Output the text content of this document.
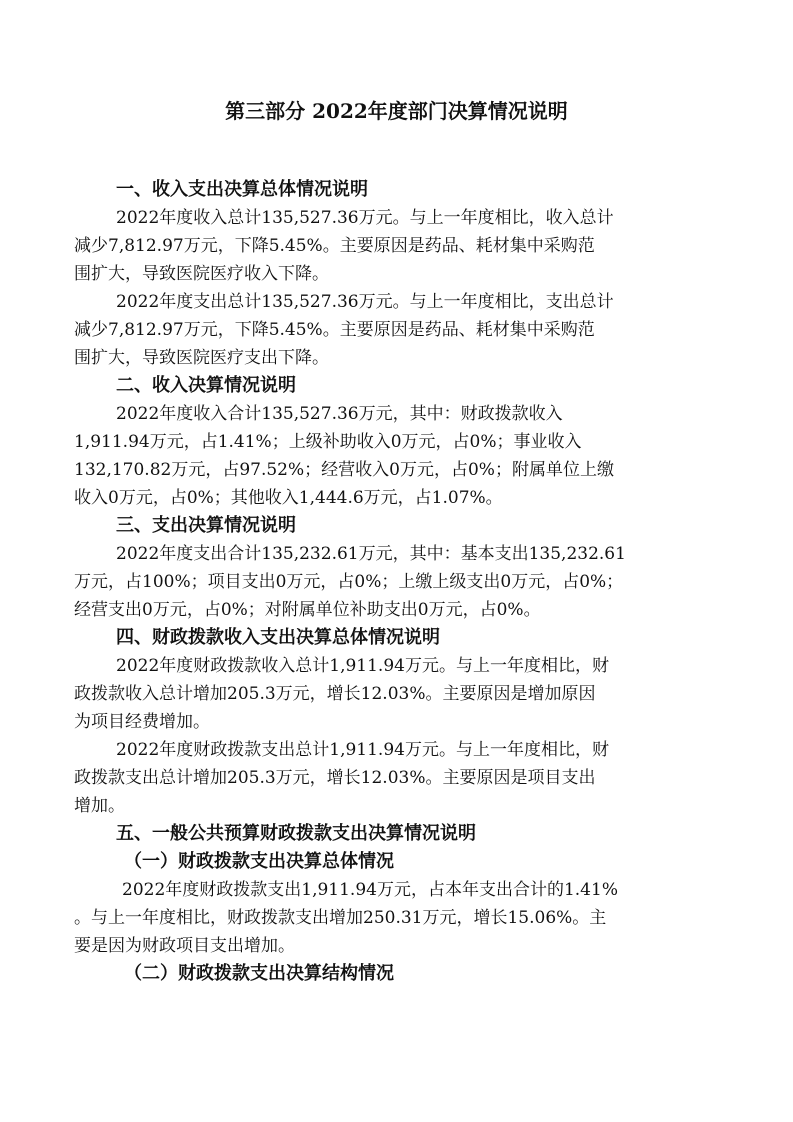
第三部分 2022年度部门决算情况说明
一、收入支出决算总体情况说明
2022年度收入总计135,527.36万元。与上一年度相比，收入总计
减少7,812.97万元，下降5.45%。主要原因是药品、耗材集中采购范
围扩大，导致医院医疗收入下降。
2022年度支出总计135,527.36万元。与上一年度相比，支出总计
减少7,812.97万元，下降5.45%。主要原因是药品、耗材集中采购范
围扩大，导致医院医疗支出下降。
二、收入决算情况说明
2022年度收入合计135,527.36万元，其中：财政拨款收入
1,911.94万元，占1.41%；上级补助收入0万元，占0%；事业收入
132,170.82万元，占97.52%；经营收入0万元，占0%；附属单位上缴
收入0万元，占0%；其他收入1,444.6万元，占1.07%。
三、支出决算情况说明
2022年度支出合计135,232.61万元，其中：基本支出135,232.61
万元，占100%；项目支出0万元，占0%；上缴上级支出0万元，占0%；
经营支出0万元，占0%；对附属单位补助支出0万元，占0%。
四、财政拨款收入支出决算总体情况说明
2022年度财政拨款收入总计1,911.94万元。与上一年度相比，财
政拨款收入总计增加205.3万元，增长12.03%。主要原因是增加原因
为项目经费增加。
2022年度财政拨款支出总计1,911.94万元。与上一年度相比，财
政拨款支出总计增加205.3万元，增长12.03%。主要原因是项目支出
增加。
五、一般公共预算财政拨款支出决算情况说明
（一）财政拨款支出决算总体情况
2022年度财政拨款支出1,911.94万元，占本年支出合计的1.41%
。与上一年度相比，财政拨款支出增加250.31万元，增长15.06%。主
要是因为财政项目支出增加。
（二）财政拨款支出决算结构情况
